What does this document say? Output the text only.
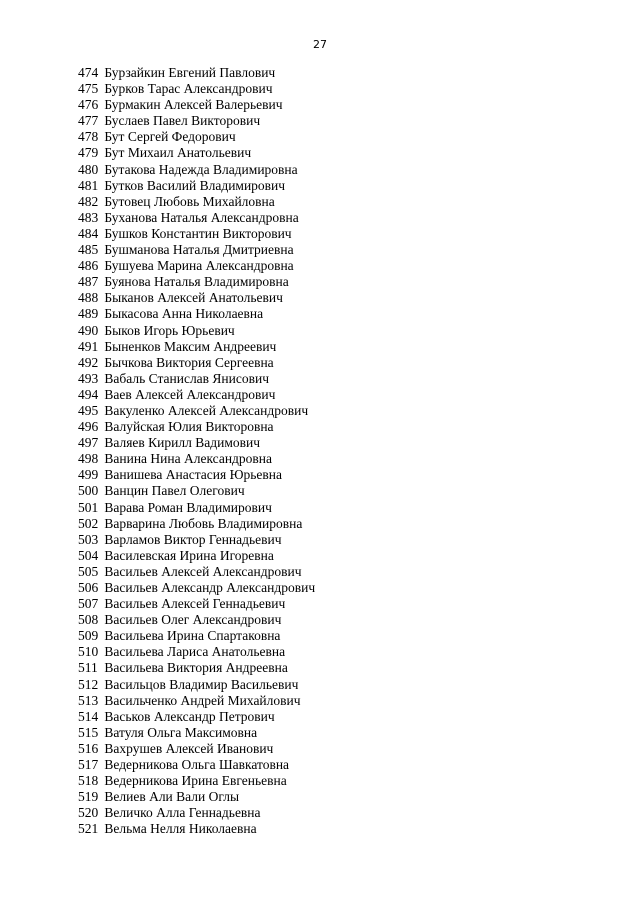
27
474 Бурзайкин Евгений Павлович
475 Бурков Тарас Александрович
476 Бурмакин Алексей Валерьевич
477 Буслаев Павел Викторович
478 Бут Сергей Федорович
479 Бут Михаил Анатольевич
480 Бутакова Надежда Владимировна
481 Бутков Василий Владимирович
482 Бутовец Любовь Михайловна
483 Буханова Наталья Александровна
484 Бушков Константин Викторович
485 Бушманова Наталья Дмитриевна
486 Бушуева Марина Александровна
487 Буянова Наталья Владимировна
488 Быканов Алексей Анатольевич
489 Быкасова Анна Николаевна
490 Быков Игорь Юрьевич
491 Быненков Максим Андреевич
492 Бычкова Виктория Сергеевна
493 Вабаль Станислав Янисович
494 Ваев Алексей Александрович
495 Вакуленко Алексей Александрович
496 Валуйская Юлия Викторовна
497 Валяев Кирилл Вадимович
498 Ванина Нина Александровна
499 Ванишева Анастасия Юрьевна
500 Ванцин Павел Олегович
501 Варава Роман Владимирович
502 Варварина Любовь Владимировна
503 Варламов Виктор Геннадьевич
504 Василевская Ирина Игоревна
505 Васильев Алексей Александрович
506 Васильев Александр Александрович
507 Васильев Алексей Геннадьевич
508 Васильев Олег Александрович
509 Васильева Ирина Спартаковна
510 Васильева Лариса Анатольевна
511 Васильева Виктория Андреевна
512 Васильцов Владимир Васильевич
513 Васильченко Андрей Михайлович
514 Васьков Александр Петрович
515 Ватуля Ольга Максимовна
516 Вахрушев Алексей Иванович
517 Ведерникова Ольга Шавкатовна
518 Ведерникова Ирина Евгеньевна
519 Велиев Али Вали Оглы
520 Величко Алла Геннадьевна
521 Вельма Нелля Николаевна
